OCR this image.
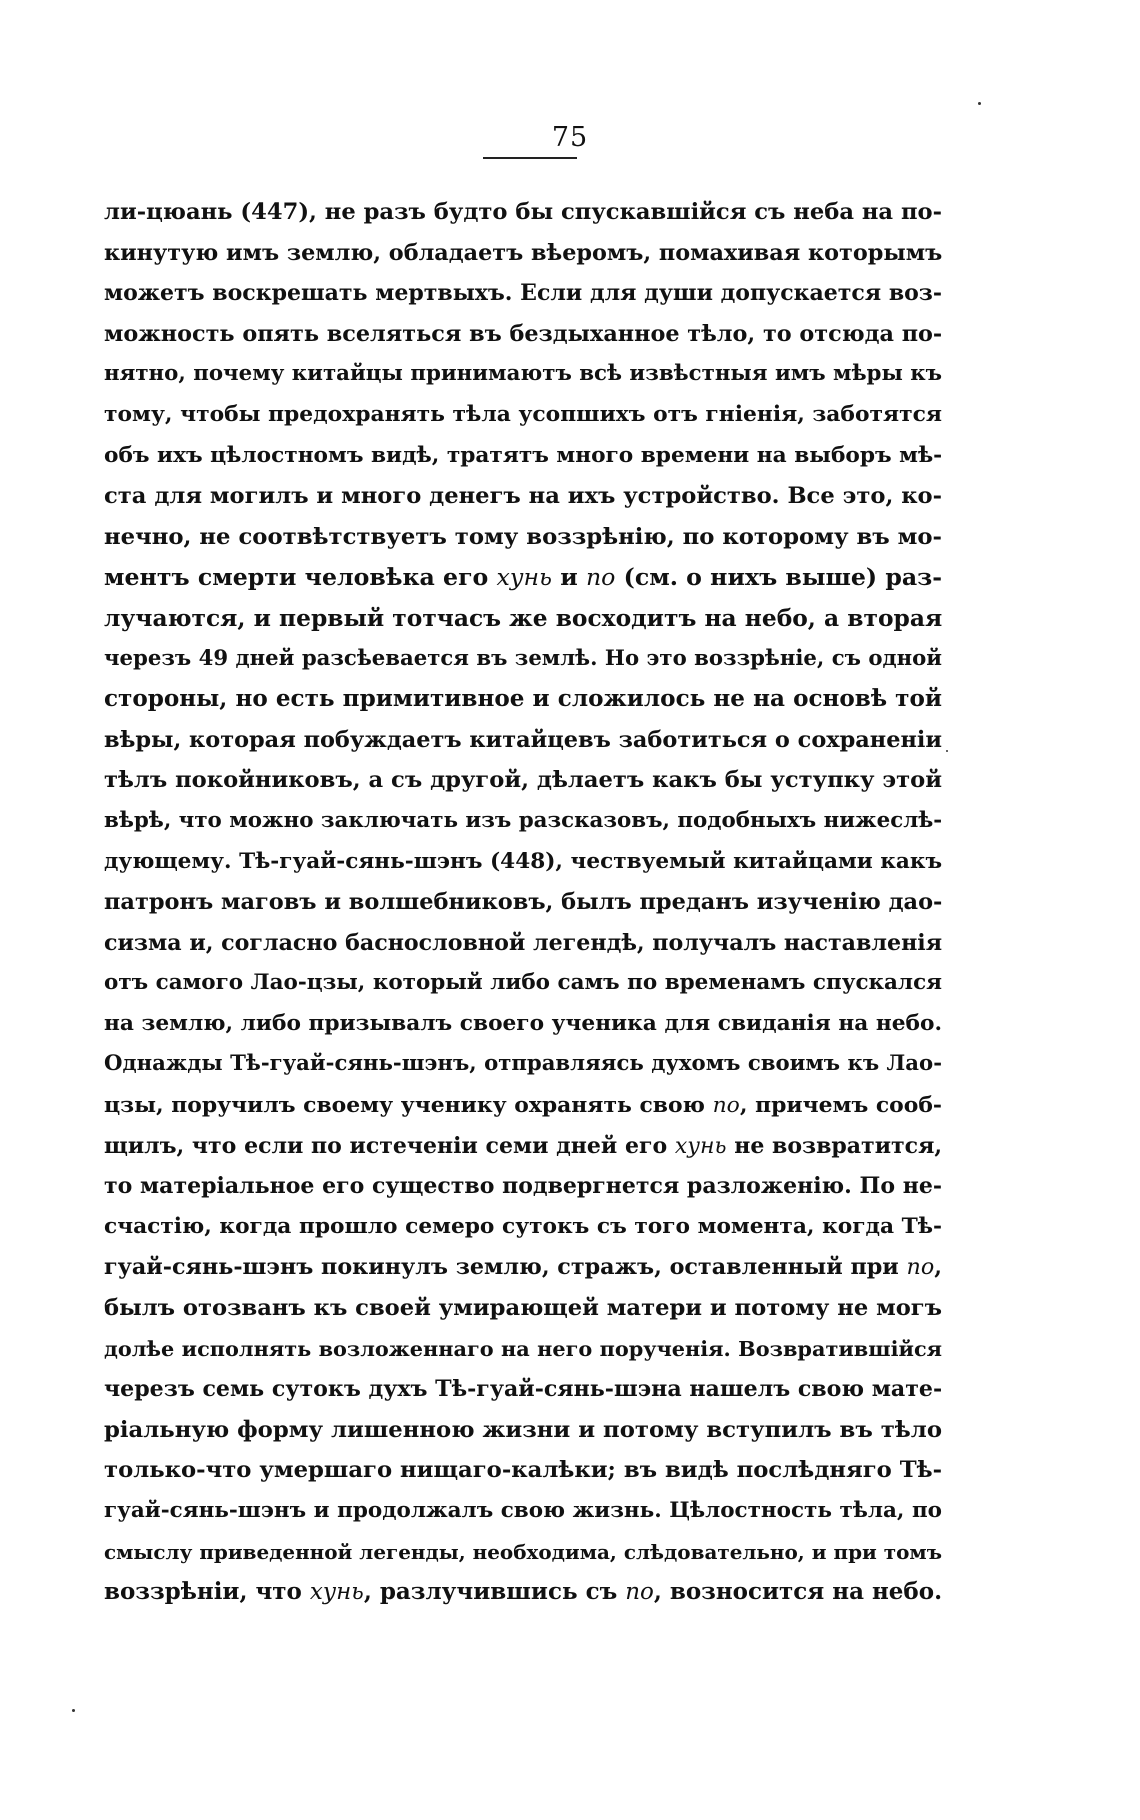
75
ли-цюань (447), не разъ будто бы спускавшійся съ неба на по-
кинутую имъ землю, обладаетъ вѣеромъ, помахивая которымъ
можетъ воскрешать мертвыхъ. Если для души допускается воз-
можность опять вселяться въ бездыханное тѣло, то отсюда по-
нятно, почему китайцы принимаютъ всѣ извѣстныя имъ мѣры къ
тому, чтобы предохранять тѣла усопшихъ отъ гніенія, заботятся
объ ихъ цѣлостномъ видѣ, тратятъ много времени на выборъ мѣ-
ста для могилъ и много денегъ на ихъ устройство. Все это, ко-
нечно, не соотвѣтствуетъ тому воззрѣнію, по которому въ мо-
ментъ смерти человѣка его хунь и по (см. о нихъ выше) раз-
лучаются, и первый тотчасъ же восходитъ на небо, а вторая
черезъ 49 дней разсѣевается въ землѣ. Но это воззрѣніе, съ одной
стороны, но есть примитивное и сложилось не на основѣ той
вѣры, которая побуждаетъ китайцевъ заботиться о сохраненіи
тѣлъ покойниковъ, а съ другой, дѣлаетъ какъ бы уступку этой
вѣрѣ, что можно заключать изъ разсказовъ, подобныхъ нижеслѣ-
дующему. Тѣ-гуай-сянь-шэнъ (448), чествуемый китайцами какъ
патронъ маговъ и волшебниковъ, былъ преданъ изученію дао-
сизма и, согласно баснословной легендѣ, получалъ наставленія
отъ самого Лао-цзы, который либо самъ по временамъ спускался
на землю, либо призывалъ своего ученика для свиданія на небо.
Однажды Тѣ-гуай-сянь-шэнъ, отправляясь духомъ своимъ къ Лао-
цзы, поручилъ своему ученику охранять свою по, причемъ сооб-
щилъ, что если по истеченіи семи дней его хунь не возвратится,
то матеріальное его существо подвергнется разложенію. По не-
счастію, когда прошло семеро сутокъ съ того момента, когда Тѣ-
гуай-сянь-шэнъ покинулъ землю, стражъ, оставленный при по,
былъ отозванъ къ своей умирающей матери и потому не могъ
долѣе исполнять возложеннаго на него порученія. Возвратившійся
черезъ семь сутокъ духъ Тѣ-гуай-сянь-шэна нашелъ свою мате-
ріальную форму лишенною жизни и потому вступилъ въ тѣло
только-что умершаго нищаго-калѣки; въ видѣ послѣдняго Тѣ-
гуай-сянь-шэнъ и продолжалъ свою жизнь. Цѣлостность тѣла, по
смыслу приведенной легенды, необходима, слѣдовательно, и при томъ
воззрѣніи, что хунь, разлучившись съ по, возносится на небо.
